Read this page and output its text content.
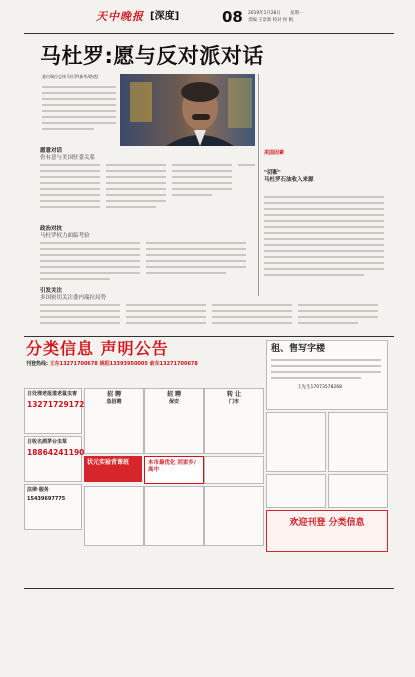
天中晚报 [深度]	08 2019年1月28日 星期一
责编 王景新 校对 侯 帆
马杜罗:愿与反对派对话
委内瑞拉总统马杜罗(新华/路透)
愿意对话
仍有意与美国驻委关系
政治对抗
马杜罗权力面临考验
引发关注
多国密切关注委内瑞拉局势
美国因素
"切断"
马杜罗石油收入来源
分类信息 声明公告
刊登热线: 王东13271700678 姚阳13393950005 俞东13271700678
租、售写字楼
王先生17073578268
日处理老报道老鼠虫害
13271729172
日收名酒茅台虫草
18864241190
法律·服务
15439697775
招 聘
急招聘
招 聘
保安
转 让
门市
状元实验背课班	本市最优化 回家乡/高中
欢迎刊登 分类信息
